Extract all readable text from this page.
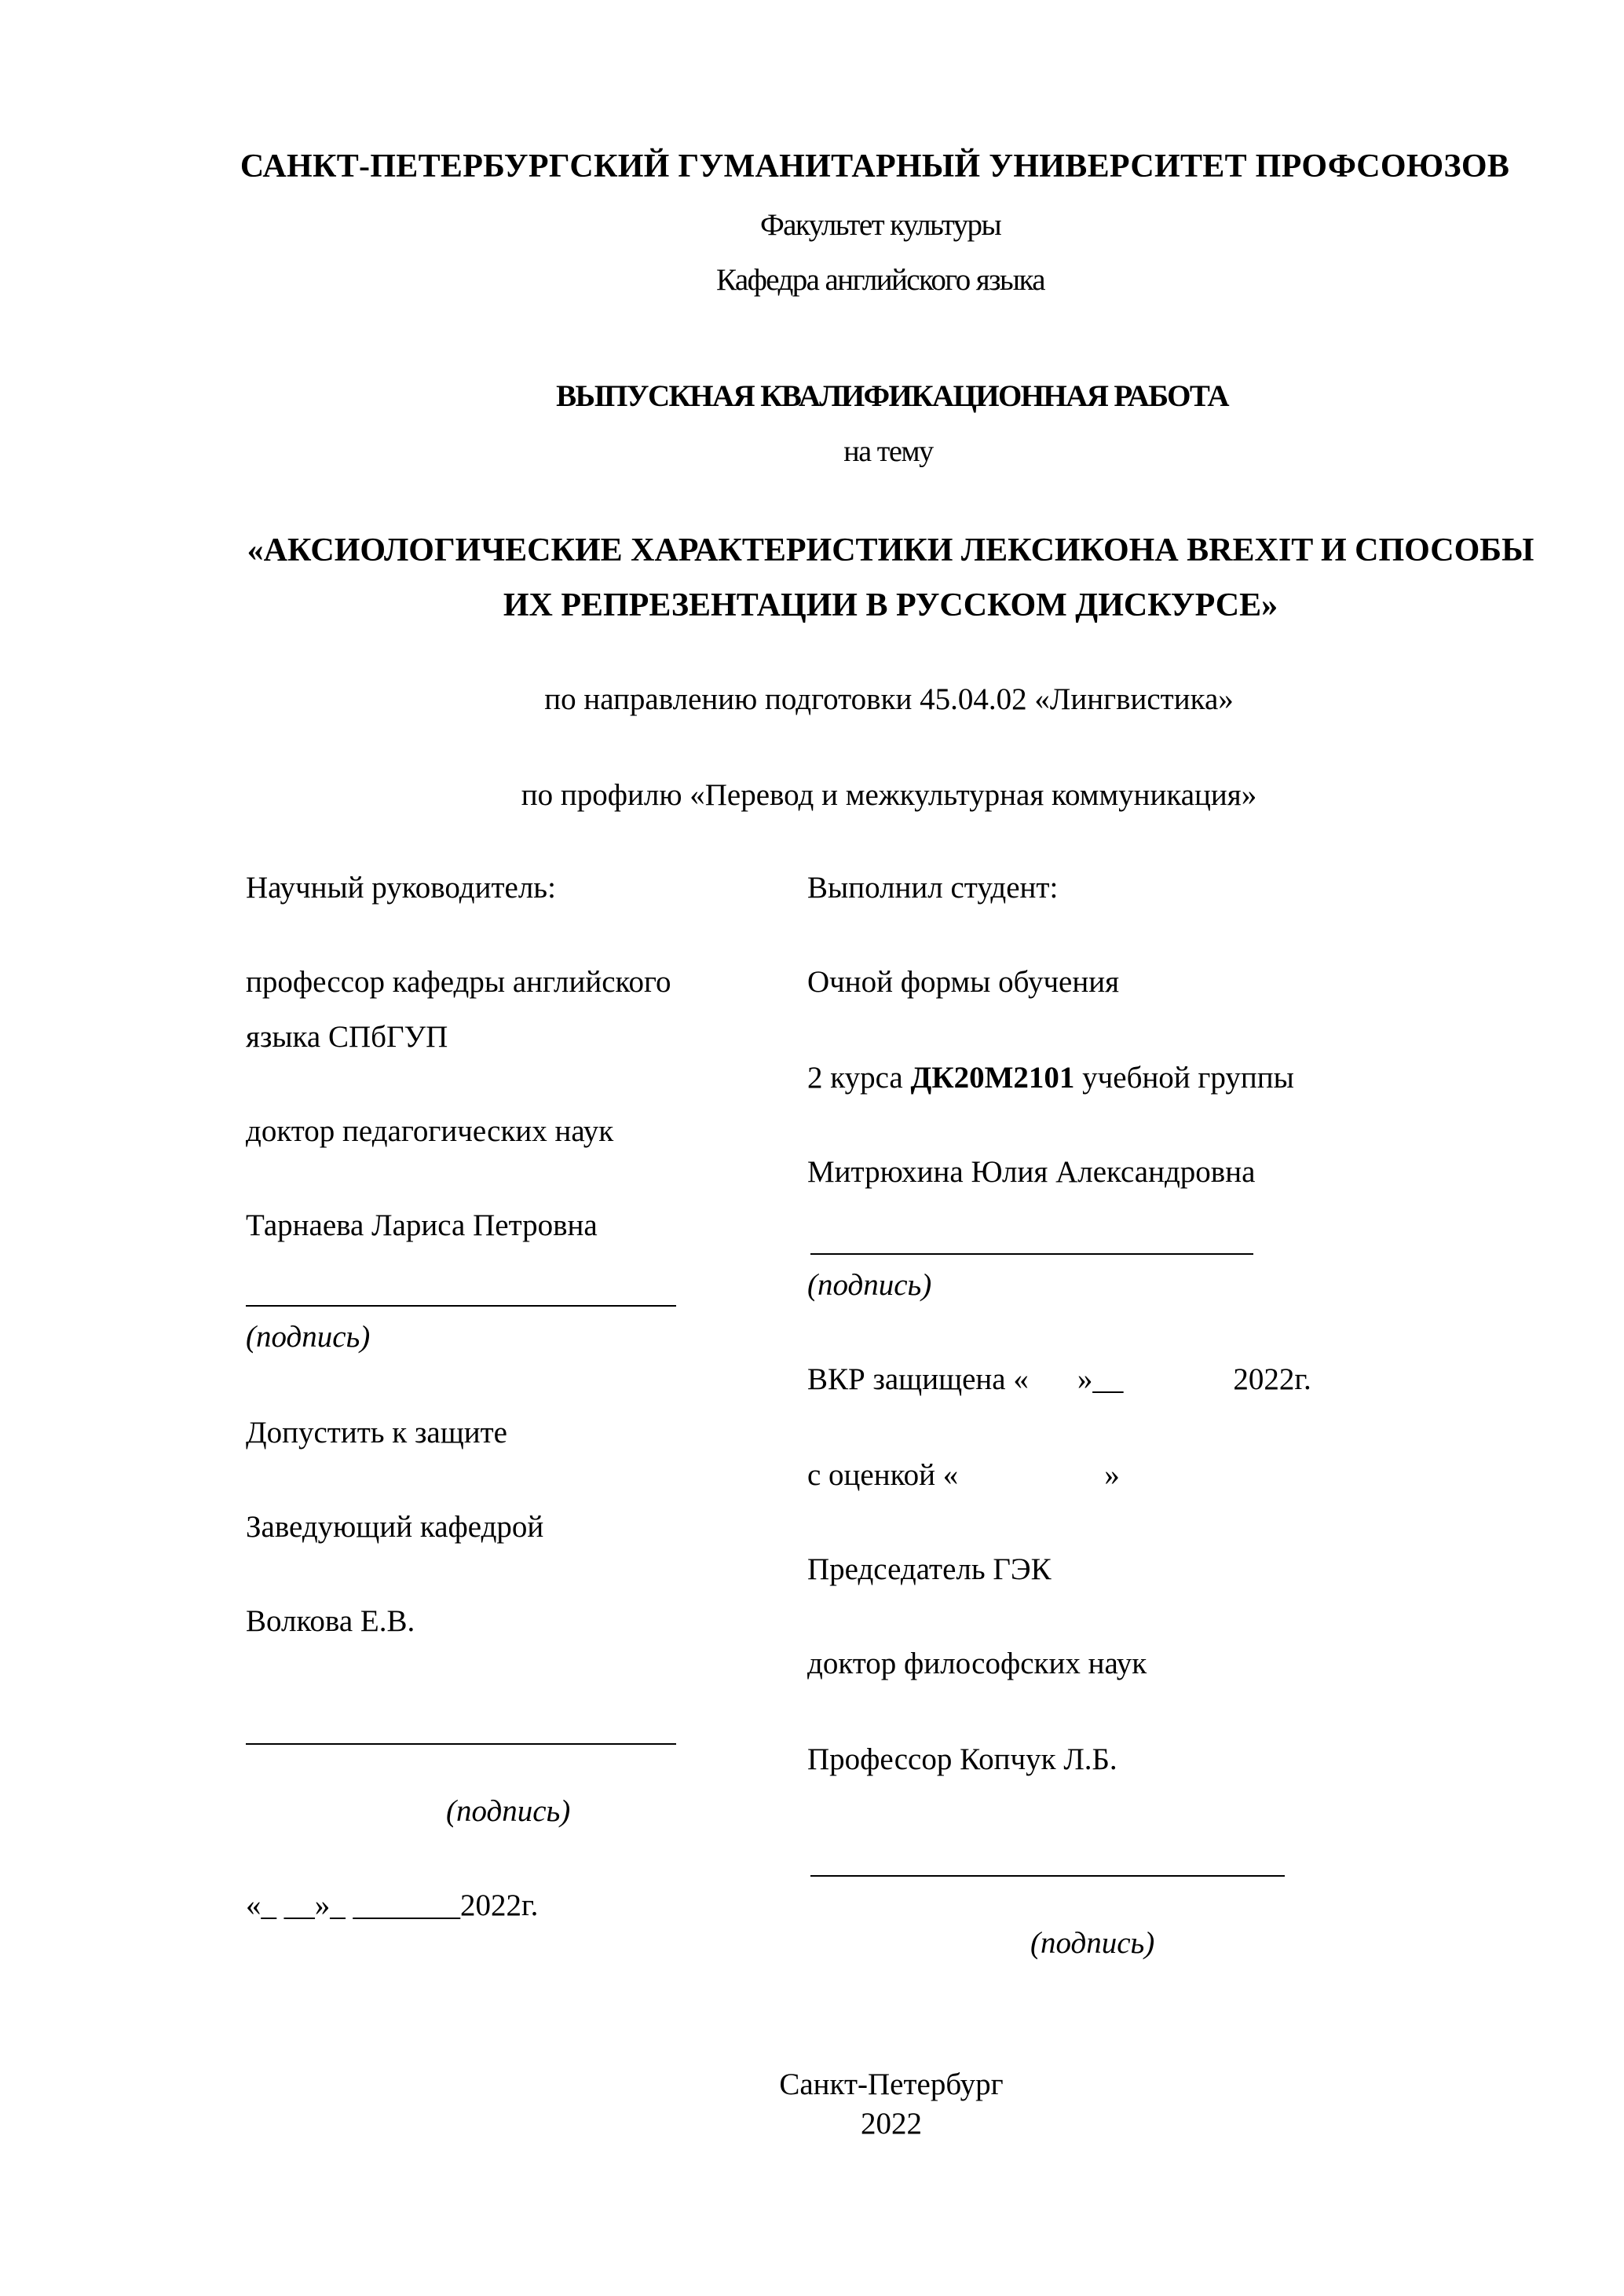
САНКТ-ПЕТЕРБУРГСКИЙ ГУМАНИТАРНЫЙ УНИВЕРСИТЕТ ПРОФСОЮЗОВ
Факультет культуры
Кафедра английского языка
ВЫПУСКНАЯ КВАЛИФИКАЦИОННАЯ РАБОТА
на тему
«АКСИОЛОГИЧЕСКИЕ ХАРАКТЕРИСТИКИ ЛЕКСИКОНА BREXIT И СПОСОБЫ
ИХ РЕПРЕЗЕНТАЦИИ В РУССКОМ ДИСКУРСЕ»
по направлению подготовки 45.04.02 «Лингвистика»
по профилю «Перевод и межкультурная коммуникация»
Научный руководитель:
профессор кафедры английского
языка СПбГУП
доктор педагогических наук
Тарнаева Лариса Петровна
(подпись)
Допустить к защите
Заведующий кафедрой
Волкова Е.В.
(подпись)
«_ __»_ _______2022г.
Выполнил студент:
Очной формы обучения
2 курса ДК20М2101 учебной группы
Митрюхина Юлия Александровна
(подпись)
ВКР защищена « »__	2022г.
с оценкой «	»
Председатель ГЭК
доктор философских наук
Профессор Копчук Л.Б.
(подпись)
Санкт-Петербург
2022
